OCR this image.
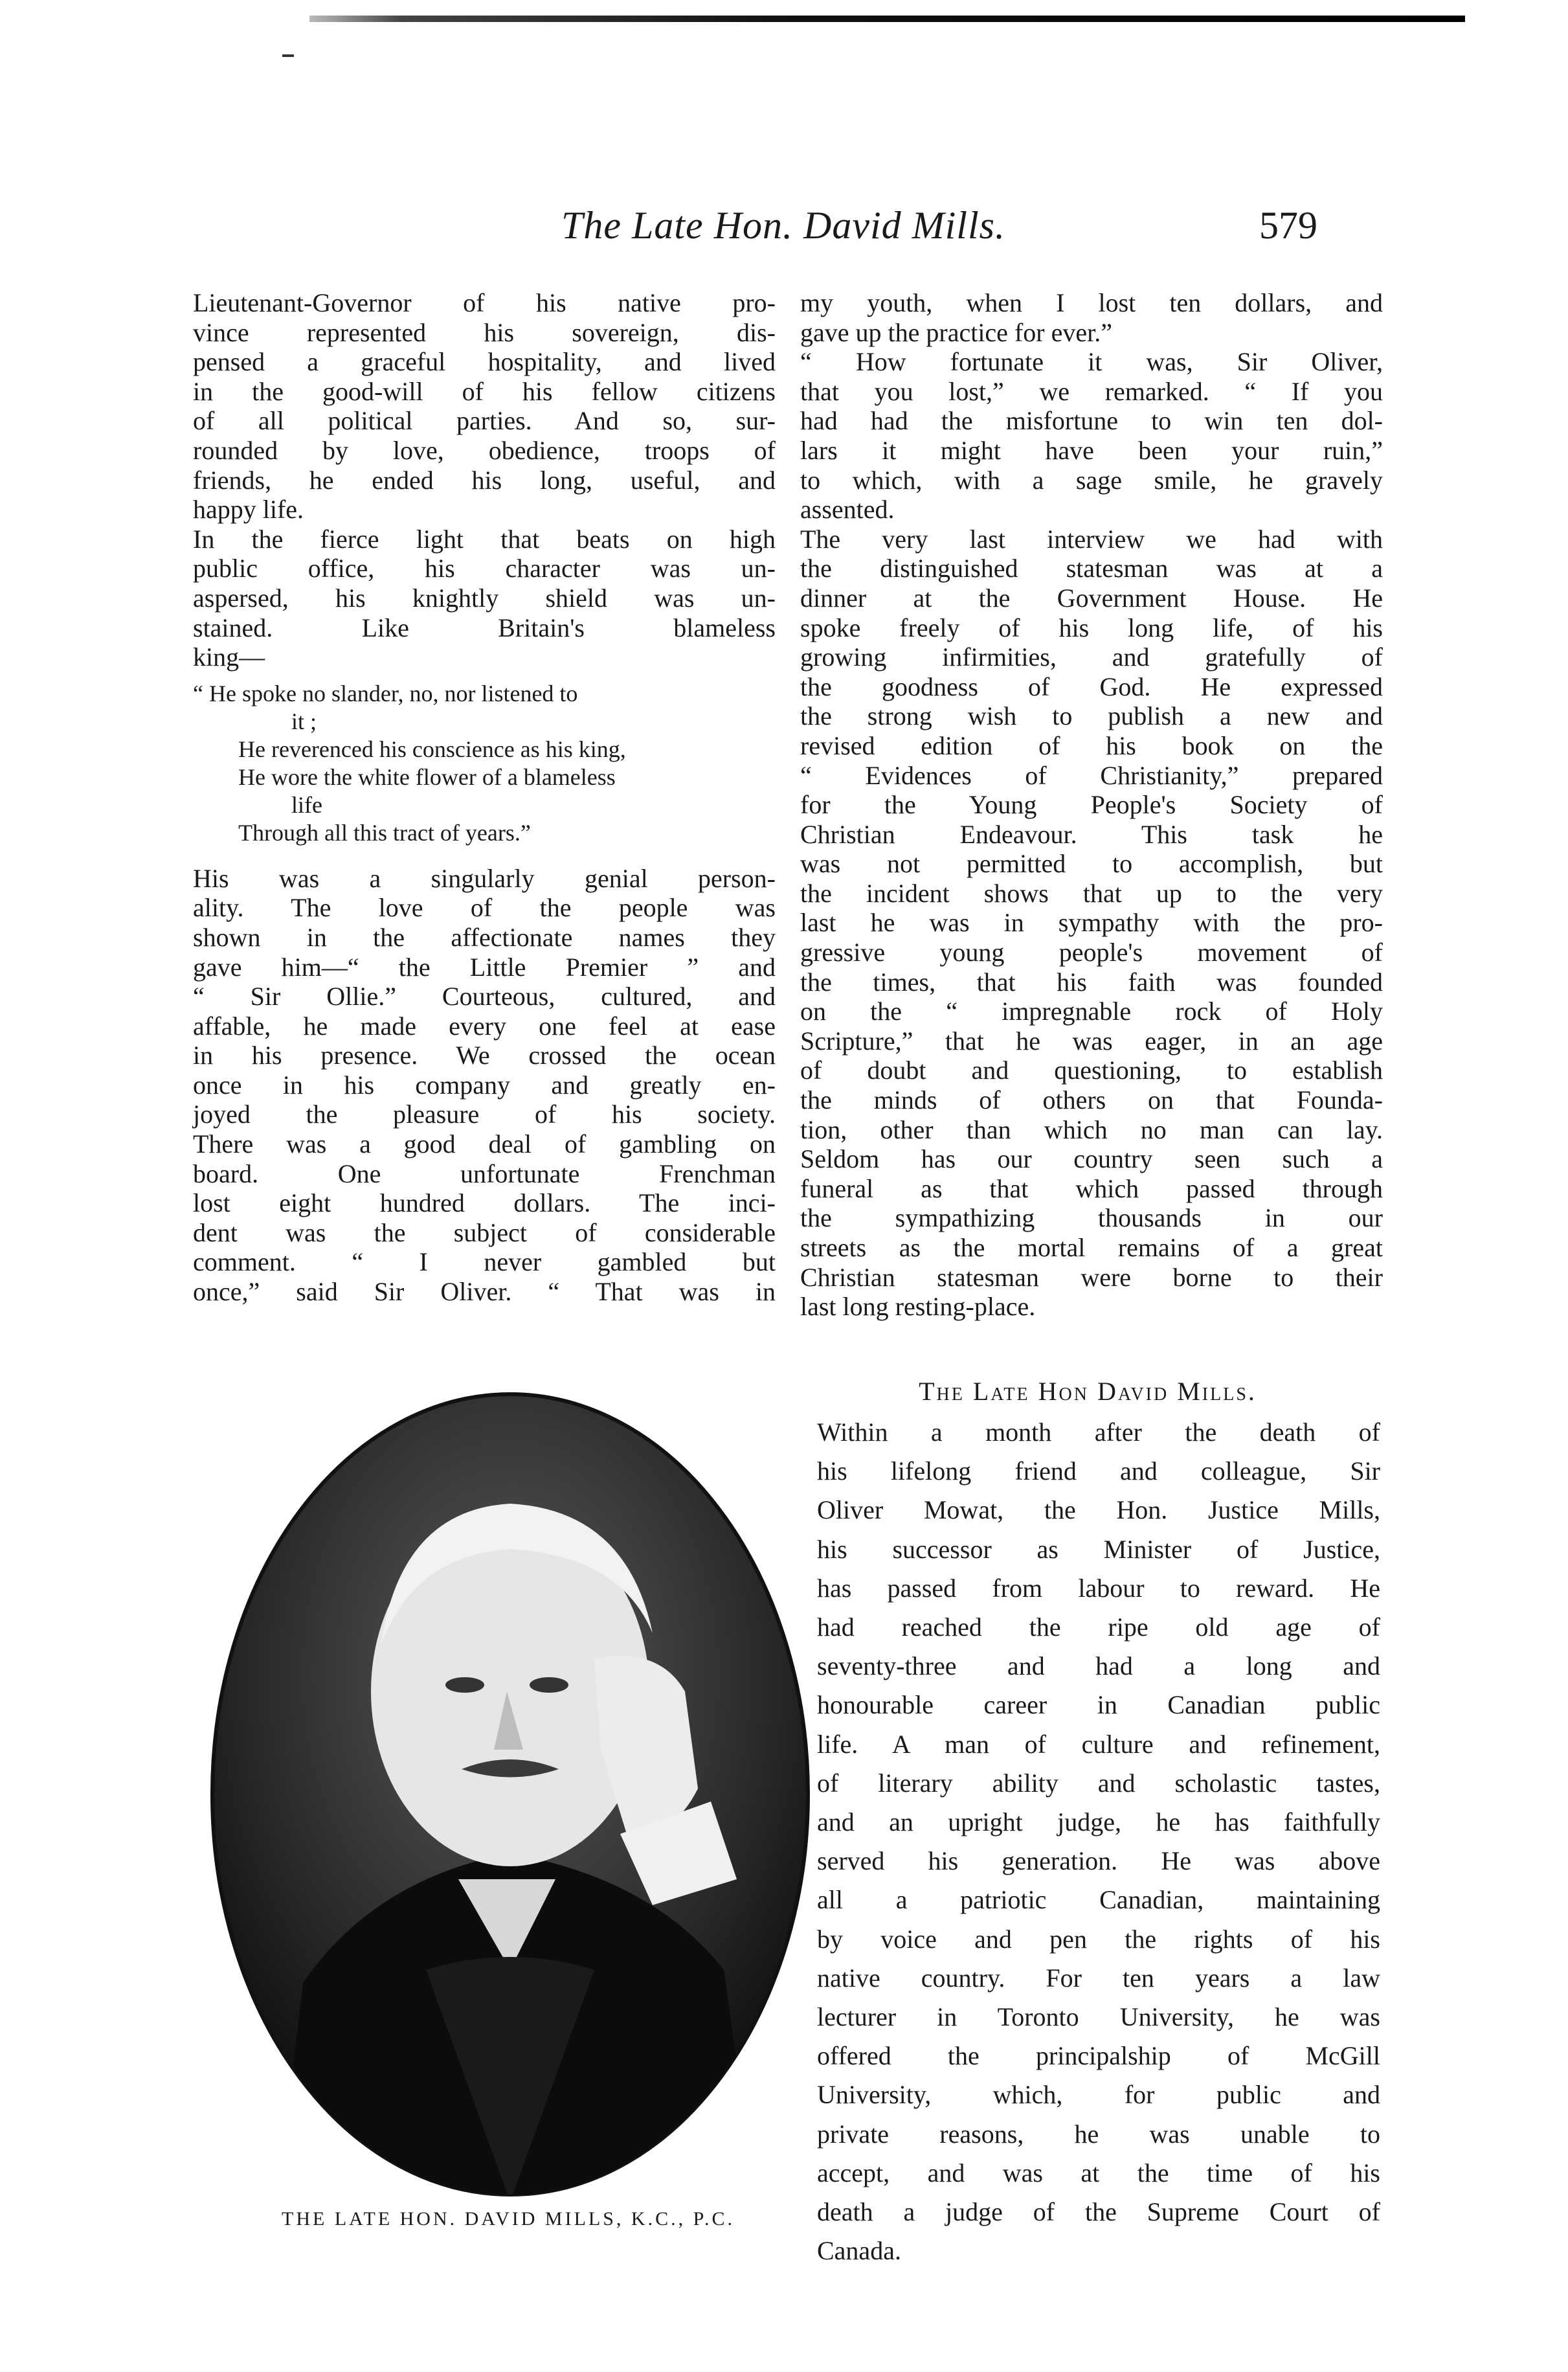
The Late Hon. David Mills.	579
Lieutenant-Governor of his native pro-
vince represented his sovereign, dis-
pensed a graceful hospitality, and lived
in the good-will of his fellow citizens
of all political parties. And so, sur-
rounded by love, obedience, troops of
friends, he ended his long, useful, and
happy life.
In the fierce light that beats on high
public office, his character was un-
aspersed, his knightly shield was un-
stained. Like Britain's blameless
king—
“ He spoke no slander, no, nor listened to
it ;
He reverenced his conscience as his king,
He wore the white flower of a blameless
life
Through all this tract of years.”
His was a singularly genial person-
ality. The love of the people was
shown in the affectionate names they
gave him—“ the Little Premier ” and
“ Sir Ollie.” Courteous, cultured, and
affable, he made every one feel at ease
in his presence. We crossed the ocean
once in his company and greatly en-
joyed the pleasure of his society.
There was a good deal of gambling on
board. One unfortunate Frenchman
lost eight hundred dollars. The inci-
dent was the subject of considerable
comment. “ I never gambled but
once,” said Sir Oliver. “ That was in
my youth, when I lost ten dollars, and
gave up the practice for ever.”
“ How fortunate it was, Sir Oliver,
that you lost,” we remarked. “ If you
had had the misfortune to win ten dol-
lars it might have been your ruin,”
to which, with a sage smile, he gravely
assented.
The very last interview we had with
the distinguished statesman was at a
dinner at the Government House. He
spoke freely of his long life, of his
growing infirmities, and gratefully of
the goodness of God. He expressed
the strong wish to publish a new and
revised edition of his book on the
“ Evidences of Christianity,” prepared
for the Young People's Society of
Christian Endeavour. This task he
was not permitted to accomplish, but
the incident shows that up to the very
last he was in sympathy with the pro-
gressive young people's movement of
the times, that his faith was founded
on the “ impregnable rock of Holy
Scripture,” that he was eager, in an age
of doubt and questioning, to establish
the minds of others on that Founda-
tion, other than which no man can lay.
Seldom has our country seen such a
funeral as that which passed through
the sympathizing thousands in our
streets as the mortal remains of a great
Christian statesman were borne to their
last long resting-place.
THE LATE HON. DAVID MILLS, K.C., P.C.
The Late Hon David Mills.
Within a month after the death of
his lifelong friend and colleague, Sir
Oliver Mowat, the Hon. Justice Mills,
his successor as Minister of Justice,
has passed from labour to reward. He
had reached the ripe old age of
seventy-three and had a long and
honourable career in Canadian public
life. A man of culture and refinement,
of literary ability and scholastic tastes,
and an upright judge, he has faithfully
served his generation. He was above
all a patriotic Canadian, maintaining
by voice and pen the rights of his
native country. For ten years a law
lecturer in Toronto University, he was
offered the principalship of McGill
University, which, for public and
private reasons, he was unable to
accept, and was at the time of his
death a judge of the Supreme Court of
Canada.
